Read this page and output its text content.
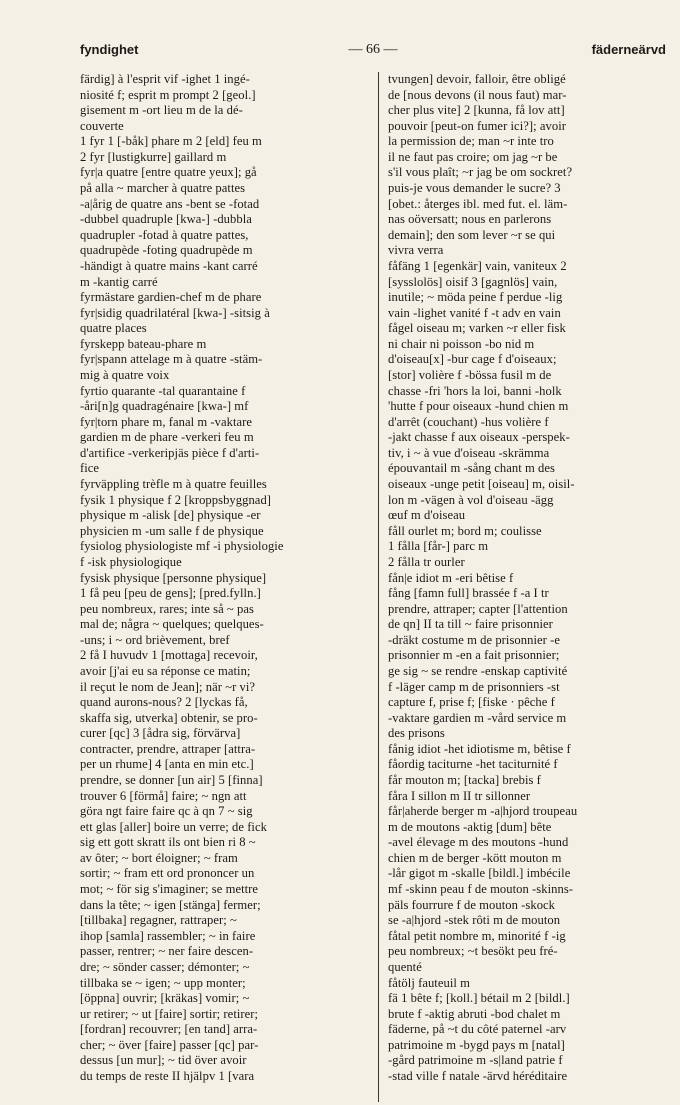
fyndighet	— 66 —	fäderneärvd
färdig] à l'esprit vif -ighet 1 ingé-
niosité f; esprit m prompt 2 [geol.]
gisement m -ort lieu m de la dé-
couverte
1 fyr 1 [-båk] phare m 2 [eld] feu m
2 fyr [lustigkurre] gaillard m
fyr|a quatre [entre quatre yeux]; gå
på alla ~ marcher à quatre pattes
-a|årig de quatre ans -bent se -fotad
-dubbel quadruple [kwa-] -dubbla
quadrupler -fotad à quatre pattes,
quadrupède -foting quadrupède m
-händigt à quatre mains -kant carré
m -kantig carré
fyrmästare gardien-chef m de phare
fyr|sidig quadrilatéral [kwa-] -sitsig à
quatre places
fyrskepp bateau-phare m
fyr|spann attelage m à quatre -stäm-
mig à quatre voix
fyrtio quarante -tal quarantaine f
-åri[n]g quadragénaire [kwa-] mf
fyr|torn phare m, fanal m -vaktare
gardien m de phare -verkeri feu m
d'artifice -verkeripjäs pièce f d'arti-
fice
fyrväppling trèfle m à quatre feuilles
fysik 1 physique f 2 [kroppsbyggnad]
physique m -alisk [de] physique -er
physicien m -um salle f de physique
fysiolog physiologiste mf -i physiologie
f -isk physiologique
fysisk physique [personne physique]
1 få peu [peu de gens]; [pred.fylln.]
peu nombreux, rares; inte så ~ pas
mal de; några ~ quelques; quelques-
-uns; i ~ ord brièvement, bref
2 få I huvudv 1 [mottaga] recevoir,
avoir [j'ai eu sa réponse ce matin;
il reçut le nom de Jean]; när ~r vi?
quand aurons-nous? 2 [lyckas få,
skaffa sig, utverka] obtenir, se pro-
curer [qc] 3 [ådra sig, förvärva]
contracter, prendre, attraper [attra-
per un rhume] 4 [anta en min etc.]
prendre, se donner [un air] 5 [finna]
trouver 6 [förmå] faire; ~ ngn att
göra ngt faire faire qc à qn 7 ~ sig
ett glas [aller] boire un verre; de fick
sig ett gott skratt ils ont bien ri 8 ~
av ôter; ~ bort éloigner; ~ fram
sortir; ~ fram ett ord prononcer un
mot; ~ för sig s'imaginer; se mettre
dans la tête; ~ igen [stänga] fermer;
[tillbaka] regagner, rattraper; ~
ihop [samla] rassembler; ~ in faire
passer, rentrer; ~ ner faire descen-
dre; ~ sönder casser; démonter; ~
tillbaka se ~ igen; ~ upp monter;
[öppna] ouvrir; [kräkas] vomir; ~
ur retirer; ~ ut [faire] sortir; retirer;
[fordran] recouvrer; [en tand] arra-
cher; ~ över [faire] passer [qc] par-
dessus [un mur]; ~ tid över avoir
du temps de reste II hjälpv 1 [vara
tvungen] devoir, falloir, être obligé
de [nous devons (il nous faut) mar-
cher plus vite] 2 [kunna, få lov att]
pouvoir [peut-on fumer ici?]; avoir
la permission de; man ~r inte tro
il ne faut pas croire; om jag ~r be
s'il vous plaît; ~r jag be om sockret?
puis-je vous demander le sucre? 3
[obet.: återges ibl. med fut. el. läm-
nas oöversatt; nous en parlerons
demain]; den som lever ~r se qui
vivra verra
fåfäng 1 [egenkär] vain, vaniteux 2
[sysslolös] oisif 3 [gagnlös] vain,
inutile; ~ möda peine f perdue -lig
vain -lighet vanité f -t adv en vain
fågel oiseau m; varken ~r eller fisk
ni chair ni poisson -bo nid m
d'oiseau[x] -bur cage f d'oiseaux;
[stor] volière f -bössa fusil m de
chasse -fri 'hors la loi, banni -holk
'hutte f pour oiseaux -hund chien m
d'arrêt (couchant) -hus volière f
-jakt chasse f aux oiseaux -perspek-
tiv, i ~ à vue d'oiseau -skrämma
épouvantail m -sång chant m des
oiseaux -unge petit [oiseau] m, oisil-
lon m -vägen à vol d'oiseau -ägg
œuf m d'oiseau
fåll ourlet m; bord m; coulisse
1 fålla [får-] parc m
2 fålla tr ourler
fån|e idiot m -eri bêtise f
fång [famn full] brassée f -a I tr
prendre, attraper; capter [l'attention
de qn] II ta till ~ faire prisonnier
-dräkt costume m de prisonnier -e
prisonnier m -en a fait prisonnier;
ge sig ~ se rendre -enskap captivité
f -läger camp m de prisonniers -st
capture f, prise f; [fiske · pêche f
-vaktare gardien m -vård service m
des prisons
fånig idiot -het idiotisme m, bêtise f
fåordig taciturne -het taciturnité f
får mouton m; [tacka] brebis f
fåra I sillon m II tr sillonner
får|aherde berger m -a|hjord troupeau
m de moutons -aktig [dum] bête
-avel élevage m des moutons -hund
chien m de berger -kött mouton m
-lår gigot m -skalle [bildl.] imbécile
mf -skinn peau f de mouton -skinns-
päls fourrure f de mouton -skock
se -a|hjord -stek rôti m de mouton
fåtal petit nombre m, minorité f -ig
peu nombreux; ~t besökt peu fré-
quenté
fåtölj fauteuil m
fä 1 bête f; [koll.] bétail m 2 [bildl.]
brute f -aktig abruti -bod chalet m
fäderne, på ~t du côté paternel -arv
patrimoine m -bygd pays m [natal]
-gård patrimoine m -s|land patrie f
-stad ville f natale -ärvd héréditaire
